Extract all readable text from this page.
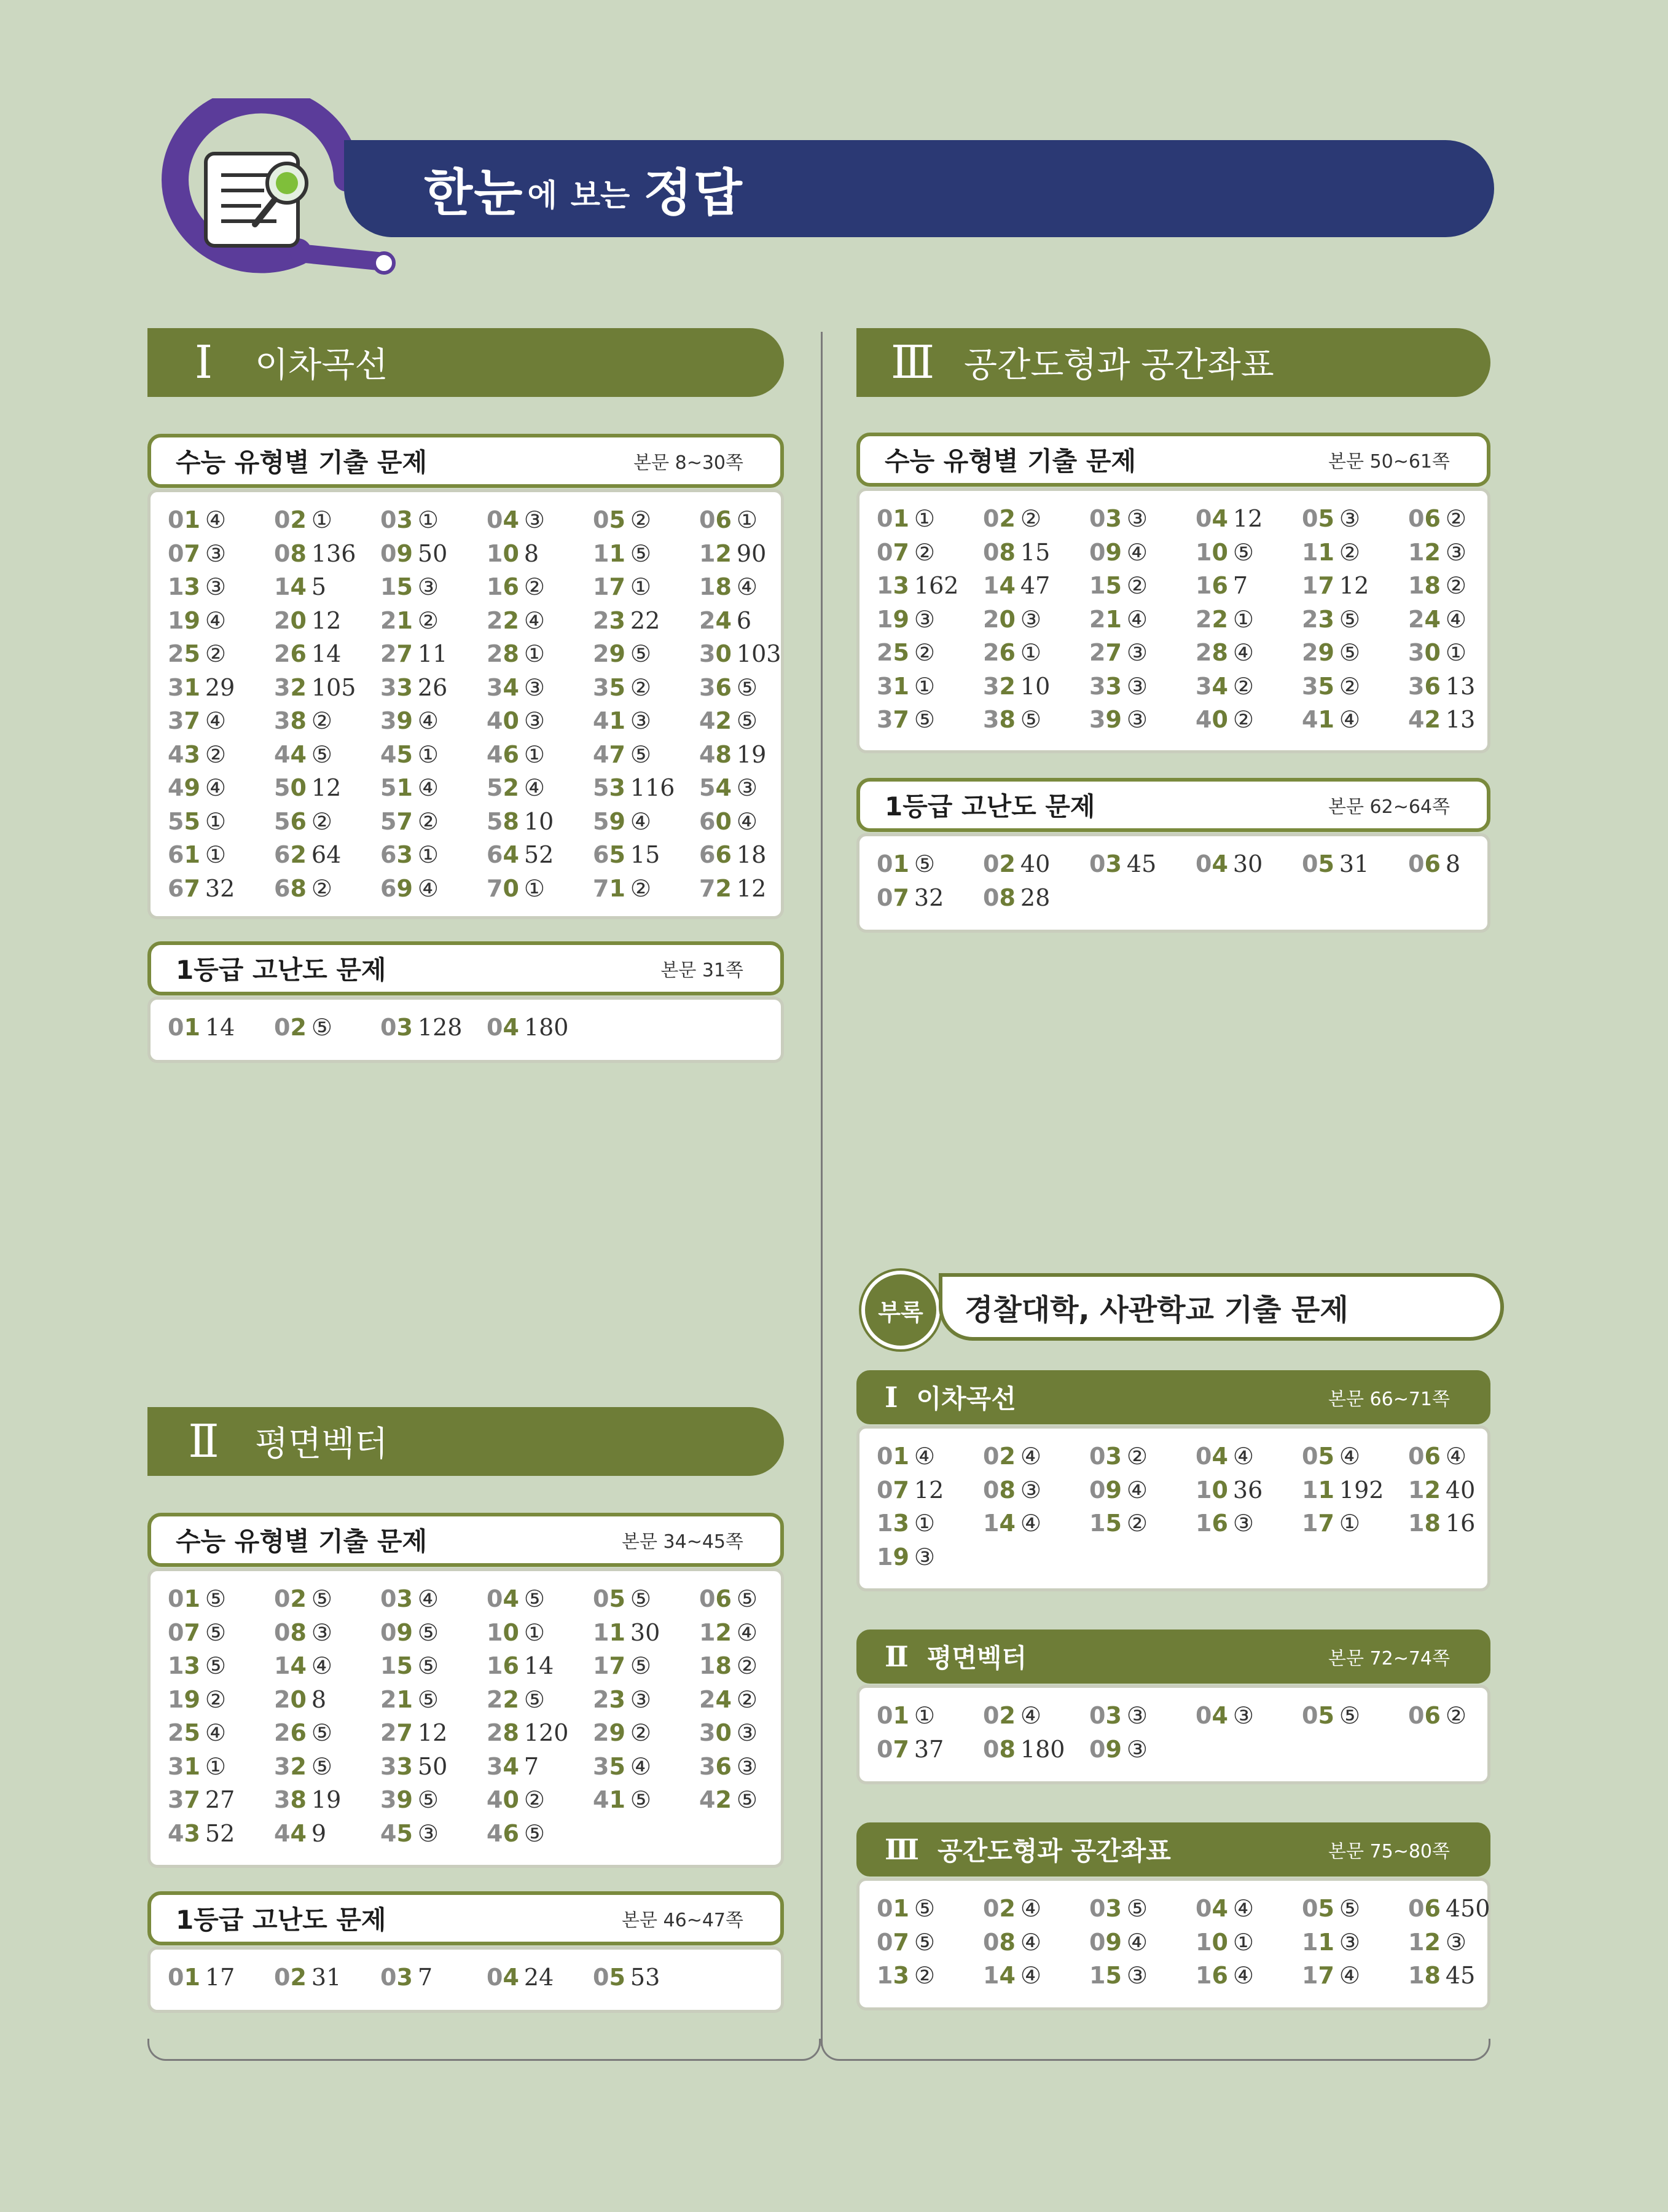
한눈 에 보는 정답
Ⅰ	이차곡선
수능 유형별 기출 문제	본문 8~30쪽
01 ④ 02 ① 03 ① 04 ③ 05 ② 06 ①
07 ③ 08 136 09 50 10 8 11 ⑤ 12 90
13 ③ 14 5 15 ③ 16 ② 17 ① 18 ④
19 ④ 20 12 21 ② 22 ④ 23 22 24 6
25 ② 26 14 27 11 28 ① 29 ⑤ 30 103
31 29 32 105 33 26 34 ③ 35 ② 36 ⑤
37 ④ 38 ② 39 ④ 40 ③ 41 ③ 42 ⑤
43 ② 44 ⑤ 45 ① 46 ① 47 ⑤ 48 19
49 ④ 50 12 51 ④ 52 ④ 53 116 54 ③
55 ① 56 ② 57 ② 58 10 59 ④ 60 ④
61 ① 62 64 63 ① 64 52 65 15 66 18
67 32 68 ② 69 ④ 70 ① 71 ② 72 12
1등급 고난도 문제	본문 31쪽
01 14 02 ⑤ 03 128 04 180
Ⅱ	평면벡터
수능 유형별 기출 문제	본문 34~45쪽
01 ⑤ 02 ⑤ 03 ④ 04 ⑤ 05 ⑤ 06 ⑤
07 ⑤ 08 ③ 09 ⑤ 10 ① 11 30 12 ④
13 ⑤ 14 ④ 15 ⑤ 16 14 17 ⑤ 18 ②
19 ② 20 8 21 ⑤ 22 ⑤ 23 ③ 24 ②
25 ④ 26 ⑤ 27 12 28 120 29 ② 30 ③
31 ① 32 ⑤ 33 50 34 7 35 ④ 36 ③
37 27 38 19 39 ⑤ 40 ② 41 ⑤ 42 ⑤
43 52 44 9 45 ③ 46 ⑤
1등급 고난도 문제	본문 46~47쪽
01 17 02 31 03 7 04 24 05 53
Ⅲ 공간도형과 공간좌표
수능 유형별 기출 문제	본문 50~61쪽
01 ① 02 ② 03 ③ 04 12 05 ③ 06 ②
07 ② 08 15 09 ④ 10 ⑤ 11 ② 12 ③
13 162 14 47 15 ② 16 7 17 12 18 ②
19 ③ 20 ③ 21 ④ 22 ① 23 ⑤ 24 ④
25 ② 26 ① 27 ③ 28 ④ 29 ⑤ 30 ①
31 ① 32 10 33 ③ 34 ② 35 ② 36 13
37 ⑤ 38 ⑤ 39 ③ 40 ② 41 ④ 42 13
1등급 고난도 문제	본문 62~64쪽
01 ⑤ 02 40 03 45 04 30 05 31 06 8
07 32 08 28
부록	경찰대학, 사관학교 기출 문제
Ⅰ 이차곡선	본문 66~71쪽
01 ④ 02 ④ 03 ② 04 ④ 05 ④ 06 ④
07 12 08 ③ 09 ④ 10 36 11 192 12 40
13 ① 14 ④ 15 ② 16 ③ 17 ① 18 16
19 ③
Ⅱ 평면벡터	본문 72~74쪽
01 ① 02 ④ 03 ③ 04 ③ 05 ⑤ 06 ②
07 37 08 180 09 ③
Ⅲ 공간도형과 공간좌표	본문 75~80쪽
01 ⑤ 02 ④ 03 ⑤ 04 ④ 05 ⑤ 06 450
07 ⑤ 08 ④ 09 ④ 10 ① 11 ③ 12 ③
13 ② 14 ④ 15 ③ 16 ④ 17 ④ 18 45
